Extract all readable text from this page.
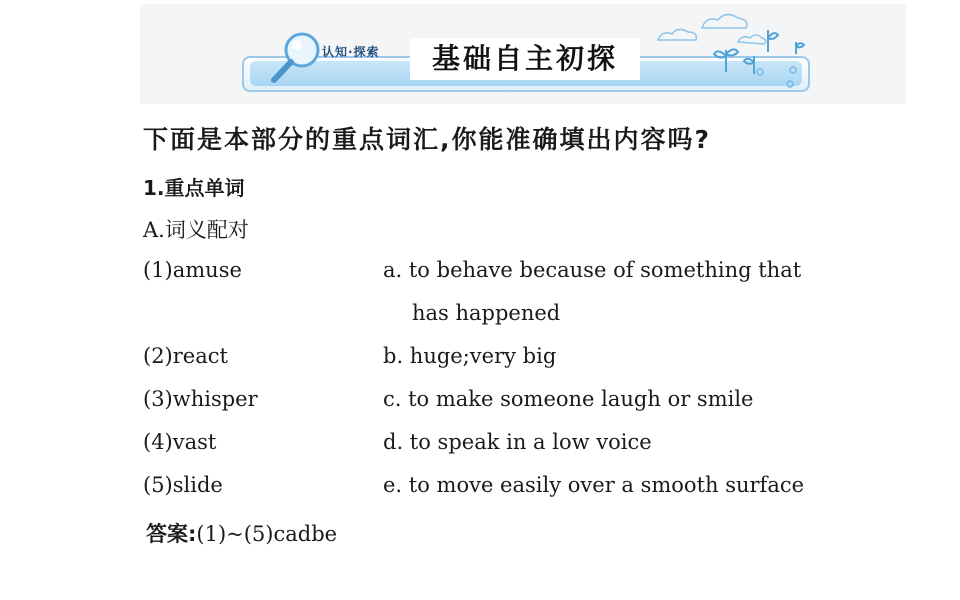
认知·探索	基础自主初探
下面是本部分的重点词汇,你能准确填出内容吗?
1.重点单词
A.词义配对
(1)amuse	a. to behave because of something that
has happened
(2)react	b. huge;very big
(3)whisper	c. to make someone laugh or smile
(4)vast	d. to speak in a low voice
(5)slide	e. to move easily over a smooth surface
答案:(1)~(5)cadbe
